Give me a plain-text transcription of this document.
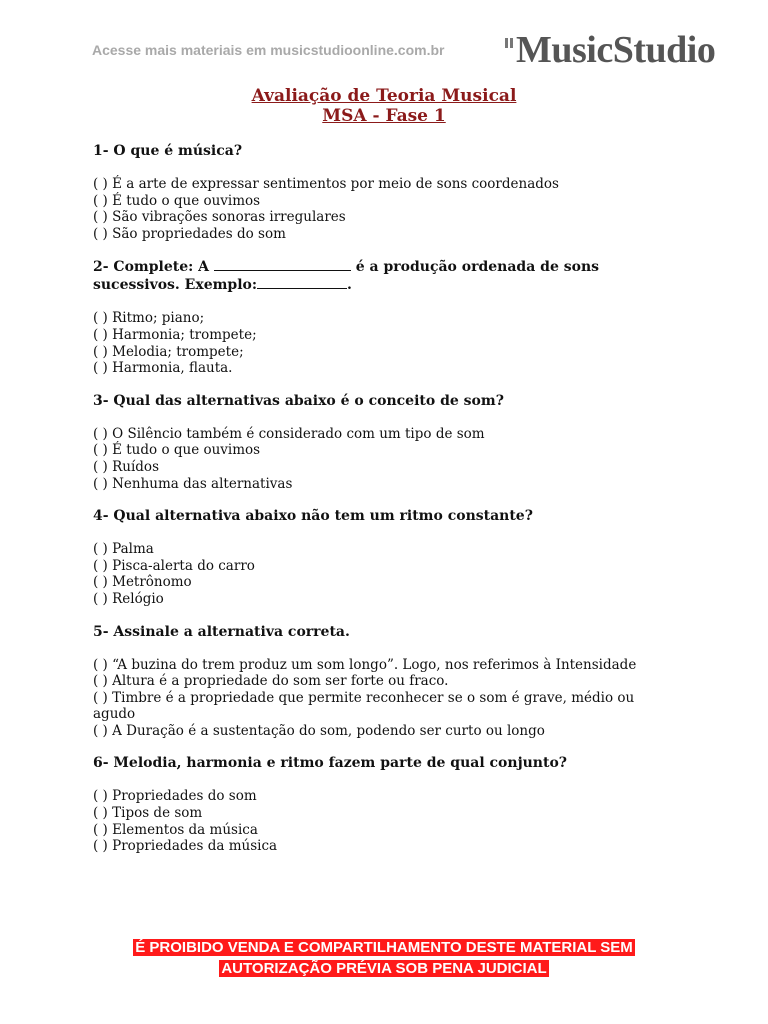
Acesse mais materiais em musicstudioonline.com.br MusicStudio
Avaliação de Teoria Musical
MSA - Fase 1

1- O que é música?

( ) É a arte de expressar sentimentos por meio de sons coordenados

( ) É tudo o que ouvimos

( ) São vibrações sonoras irregulares

( ) São propriedades do som

2- Complete: A	é a produção ordenada de sons sucessivos. Exemplo:	.

( ) Ritmo; piano;

( ) Harmonia; trompete;

( ) Melodia; trompete;

( ) Harmonia, flauta.

3- Qual das alternativas abaixo é o conceito de som?

( ) O Silêncio também é considerado com um tipo de som

( ) É tudo o que ouvimos

( ) Ruídos

( ) Nenhuma das alternativas

4- Qual alternativa abaixo não tem um ritmo constante?

( ) Palma

( ) Pisca-alerta do carro

( ) Metrônomo

( ) Relógio

5- Assinale a alternativa correta.

( ) “A buzina do trem produz um som longo”. Logo, nos referimos à Intensidade

( ) Altura é a propriedade do som ser forte ou fraco.

( ) Timbre é a propriedade que permite reconhecer se o som é grave, médio ou agudo

( ) A Duração é a sustentação do som, podendo ser curto ou longo

6- Melodia, harmonia e ritmo fazem parte de qual conjunto?

( ) Propriedades do som

( ) Tipos de som

( ) Elementos da música

( ) Propriedades da música

É PROIBIDO VENDA E COMPARTILHAMENTO DESTE MATERIAL SEM
AUTORIZAÇÃO PRÉVIA SOB PENA JUDICIAL
